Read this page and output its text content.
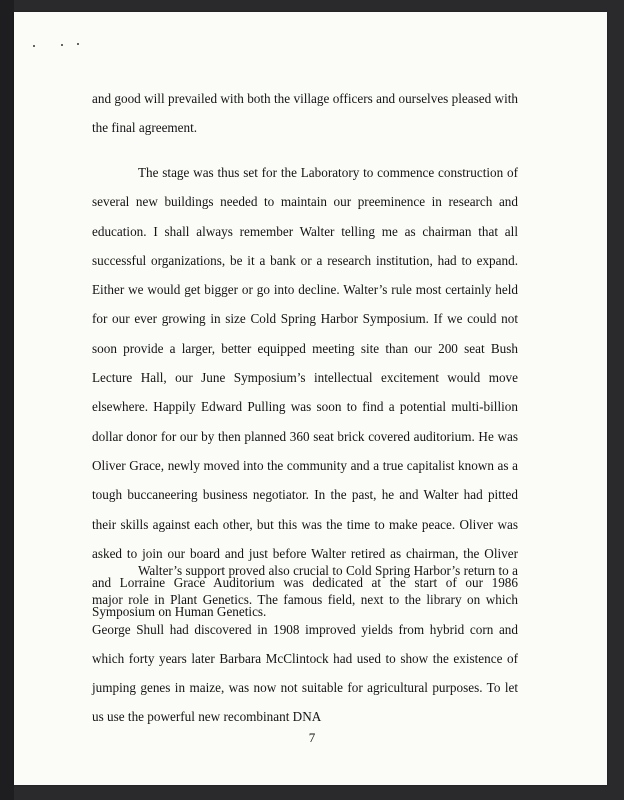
and good will prevailed with both the village officers and ourselves pleased with the final agreement.

The stage was thus set for the Laboratory to commence construction of several new buildings needed to maintain our preeminence in research and education. I shall always remember Walter telling me as chairman that all successful organizations, be it a bank or a research institution, had to expand. Either we would get bigger or go into decline. Walter’s rule most certainly held for our ever growing in size Cold Spring Harbor Symposium. If we could not soon provide a larger, better equipped meeting site than our 200 seat Bush Lecture Hall, our June Symposium’s intellectual excitement would move elsewhere. Happily Edward Pulling was soon to find a potential multi-billion dollar donor for our by then planned 360 seat brick covered auditorium. He was Oliver Grace, newly moved into the community and a true capitalist known as a tough buccaneering business negotiator. In the past, he and Walter had pitted their skills against each other, but this was the time to make peace. Oliver was asked to join our board and just before Walter retired as chairman, the Oliver and Lorraine Grace Auditorium was dedicated at the start of our 1986 Symposium on Human Genetics.

Walter’s support proved also crucial to Cold Spring Harbor’s return to a major role in Plant Genetics. The famous field, next to the library on which George Shull had discovered in 1908 improved yields from hybrid corn and which forty years later Barbara McClintock had used to show the existence of jumping genes in maize, was now not suitable for agricultural purposes. To let us use the powerful new recombinant DNA

7
